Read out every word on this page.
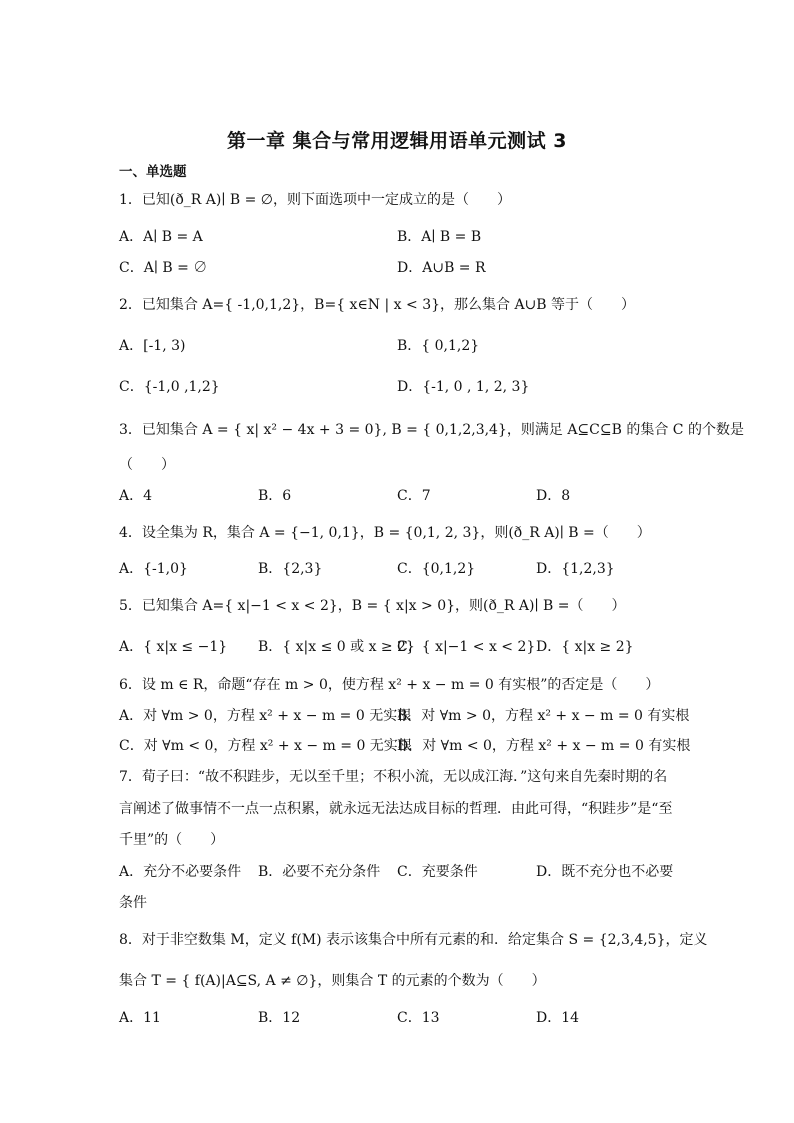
第一章 集合与常用逻辑用语单元测试 3
一、单选题
1．已知(ð_R A)∣ B = ∅，则下面选项中一定成立的是（　　）
A．A∣ B = A	B．A∣ B = B
C．A∣ B = ∅	D．A∪B = R
2．已知集合 A={ -1,0,1,2}，B={ x∈N | x < 3}，那么集合 A∪B 等于（　　）
A．[-1, 3)	B．{ 0,1,2}
C．{-1,0 ,1,2}	D．{-1, 0 , 1, 2, 3}
3．已知集合 A = { x| x² − 4x + 3 = 0}, B = { 0,1,2,3,4}，则满足 A⊆C⊆B 的集合 C 的个数是
（　　）
A．4	B．6	C．7	D．8
4．设全集为 R，集合 A = {−1, 0,1}，B = {0,1, 2, 3}，则(ð_R A)∣ B =（　　）
A．{-1,0}	B．{2,3}	C．{0,1,2}	D．{1,2,3}
5．已知集合 A={ x|−1 < x < 2}，B = { x|x > 0}，则(ð_R A)∣ B =（　　）
A．{ x|x ≤ −1} B．{ x|x ≤ 0 或 x ≥ 2}
C．{ x|−1 < x < 2} D．{ x|x ≥ 2}
6．设 m ∈ R，命题“存在 m > 0，使方程 x² + x − m = 0 有实根”的否定是（　　）
A．对 ∀m > 0，方程 x² + x − m = 0 无实根
B．对 ∀m > 0，方程 x² + x − m = 0 有实根
C．对 ∀m < 0，方程 x² + x − m = 0 无实根
D．对 ∀m < 0，方程 x² + x − m = 0 有实根
7．荀子曰：“故不积跬步，无以至千里；不积小流，无以成江海．”这句来自先秦时期的名
言阐述了做事情不一点一点积累，就永远无法达成目标的哲理．由此可得，“积跬步”是“至
千里”的（　　）
A．充分不必要条件 B．必要不充分条件 C．充要条件	D．既不充分也不必要
条件
8．对于非空数集 M，定义 f(M) 表示该集合中所有元素的和．给定集合 S = {2,3,4,5}，定义
集合 T = { f(A)|A⊆S, A ≠ ∅}，则集合 T 的元素的个数为（　　）
A．11	B．12	C．13	D．14
